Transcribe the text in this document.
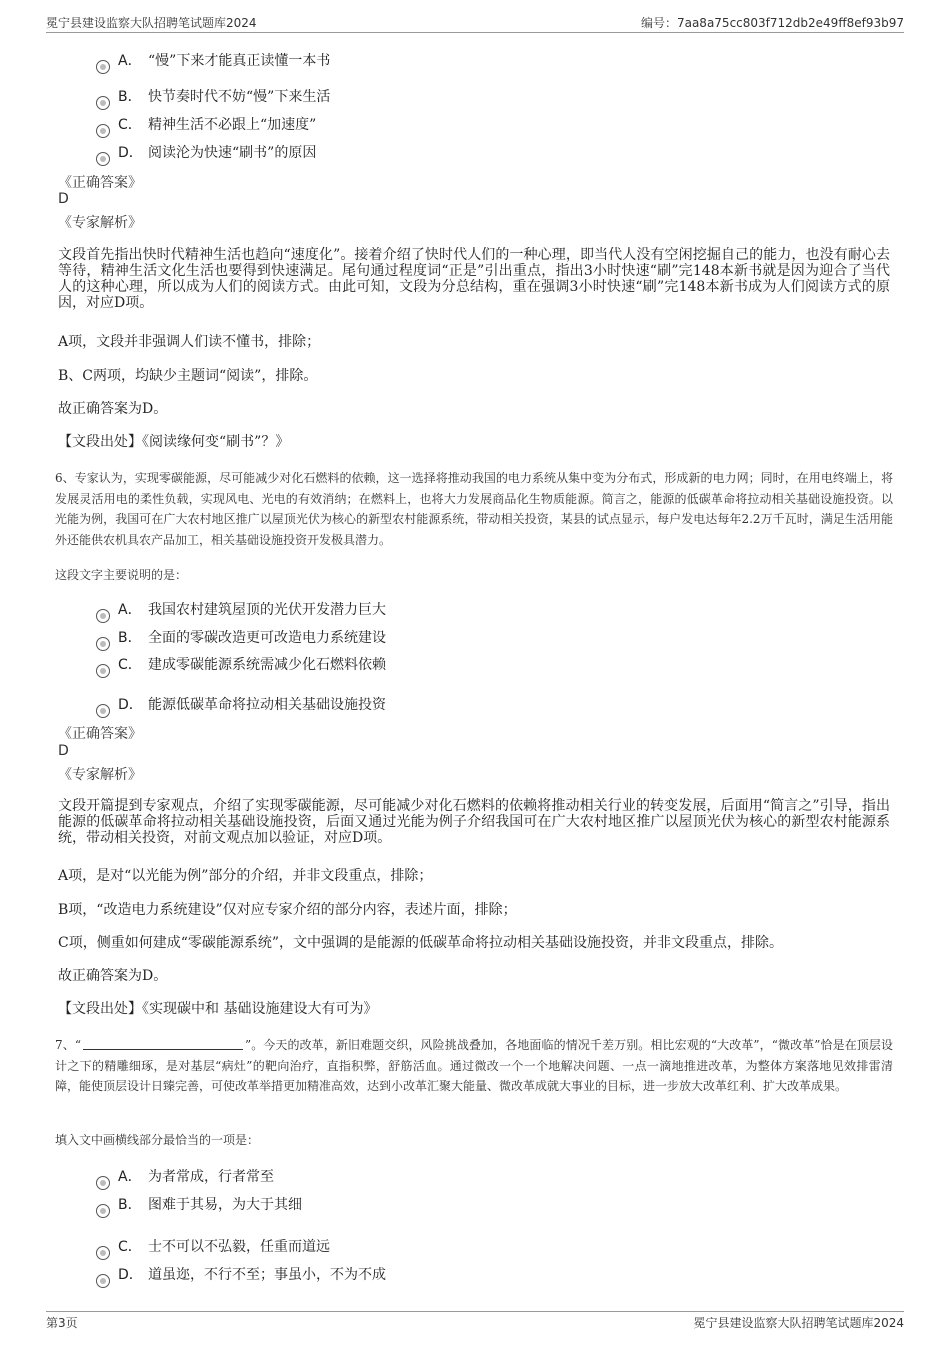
冕宁县建设监察大队招聘笔试题库2024	编号：7aa8a75cc803f712db2e49ff8ef93b97
A． “慢”下来才能真正读懂一本书
B． 快节奏时代不妨“慢”下来生活
C． 精神生活不必跟上“加速度”
D． 阅读沦为快速“刷书”的原因
《正确答案》
D
《专家解析》
文段首先指出快时代精神生活也趋向“速度化”。接着介绍了快时代人们的一种心理，即当代人没有空闲挖掘自己的能力，也没有耐心去等待，精神生活文化生活也要得到快速满足。尾句通过程度词“正是”引出重点，指出3小时快速“刷”完148本新书就是因为迎合了当代人的这种心理，所以成为人们的阅读方式。由此可知，文段为分总结构，重在强调3小时快速“刷”完148本新书成为人们阅读方式的原因，对应D项。
A项，文段并非强调人们读不懂书，排除；
B、C两项，均缺少主题词“阅读”，排除。
故正确答案为D。
【文段出处】《阅读缘何变“刷书”？》
6、专家认为，实现零碳能源，尽可能减少对化石燃料的依赖，这一选择将推动我国的电力系统从集中变为分布式，形成新的电力网；同时，在用电终端上，将发展灵活用电的柔性负载，实现风电、光电的有效消纳；在燃料上，也将大力发展商品化生物质能源。简言之，能源的低碳革命将拉动相关基础设施投资。以光能为例，我国可在广大农村地区推广以屋顶光伏为核心的新型农村能源系统，带动相关投资，某县的试点显示，每户发电达每年2.2万千瓦时，满足生活用能外还能供农机具农产品加工，相关基础设施投资开发极具潜力。
这段文字主要说明的是：
A． 我国农村建筑屋顶的光伏开发潜力巨大
B． 全面的零碳改造更可改造电力系统建设
C． 建成零碳能源系统需减少化石燃料依赖
D． 能源低碳革命将拉动相关基础设施投资
《正确答案》
D
《专家解析》
文段开篇提到专家观点，介绍了实现零碳能源，尽可能减少对化石燃料的依赖将推动相关行业的转变发展，后面用“简言之”引导，指出能源的低碳革命将拉动相关基础设施投资，后面又通过光能为例子介绍我国可在广大农村地区推广以屋顶光伏为核心的新型农村能源系统，带动相关投资，对前文观点加以验证，对应D项。
A项，是对“以光能为例”部分的介绍，并非文段重点，排除；
B项，“改造电力系统建设”仅对应专家介绍的部分内容，表述片面，排除；
C项，侧重如何建成“零碳能源系统”，文中强调的是能源的低碳革命将拉动相关基础设施投资，并非文段重点，排除。
故正确答案为D。
【文段出处】《实现碳中和 基础设施建设大有可为》
7、“	”。今天的改革，新旧难题交织，风险挑战叠加，各地面临的情况千差万别。相比宏观的“大改革”，“微改革”恰是在顶层设计之下的精雕细琢，是对基层“病灶”的靶向治疗，直指积弊，舒筋活血。通过微改一个一个地解决问题、一点一滴地推进改革，为整体方案落地见效排雷清障，能使顶层设计日臻完善，可使改革举措更加精准高效，达到小改革汇聚大能量、微改革成就大事业的目标，进一步放大改革红利、扩大改革成果。
填入文中画横线部分最恰当的一项是：
A． 为者常成，行者常至
B． 图难于其易，为大于其细
C． 士不可以不弘毅，任重而道远
D． 道虽迩，不行不至；事虽小，不为不成
第3页	冕宁县建设监察大队招聘笔试题库2024
